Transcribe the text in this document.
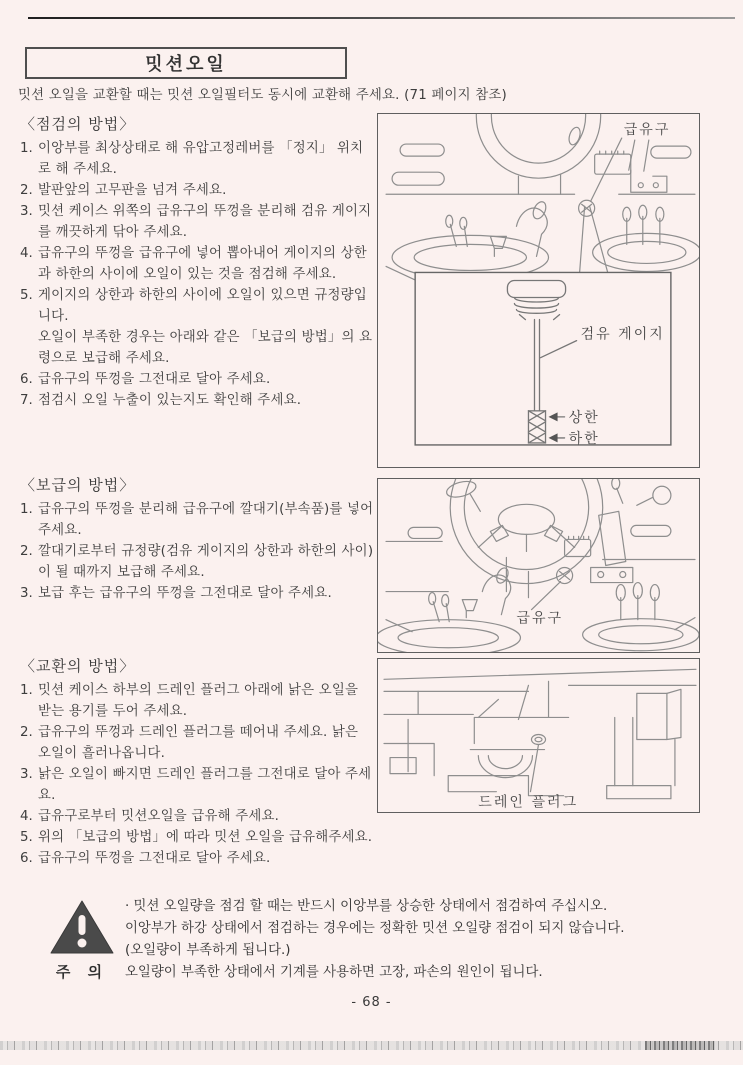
밋션오일
밋션 오일을 교환할 때는 밋션 오일필터도 동시에 교환해 주세요. (71 페이지 참조)
〈점검의 방법〉
1. 이앙부를 최상상태로 해 유압고정레버를 「정지」 위치로 해 주세요.
2. 발판앞의 고무판을 넘겨 주세요.
3. 밋션 케이스 위쪽의 급유구의 뚜껑을 분리해 검유 게이지를 깨끗하게 닦아 주세요.
4. 급유구의 뚜껑을 급유구에 넣어 뽑아내어 게이지의 상한과 하한의 사이에 오일이 있는 것을 점검해 주세요.
5. 게이지의 상한과 하한의 사이에 오일이 있으면 규정량입니다.
오일이 부족한 경우는 아래와 같은 「보급의 방법」의 요령으로 보급해 주세요.
6. 급유구의 뚜껑을 그전대로 달아 주세요.
7. 점검시 오일 누출이 있는지도 확인해 주세요.
〈보급의 방법〉
1. 급유구의 뚜껑을 분리해 급유구에 깔대기(부속품)를 넣어 주세요.
2. 깔대기로부터 규정량(검유 게이지의 상한과 하한의 사이)이 될 때까지 보급해 주세요.
3. 보급 후는 급유구의 뚜껑을 그전대로 달아 주세요.
〈교환의 방법〉
1. 밋션 케이스 하부의 드레인 플러그 아래에 낡은 오일을 받는 용기를 두어 주세요.
2. 급유구의 뚜껑과 드레인 플러그를 떼어내 주세요. 낡은 오일이 흘러나옵니다.
3. 낡은 오일이 빠지면 드레인 플러그를 그전대로 달아 주세요.
4. 급유구로부터 밋션오일을 급유해 주세요.
5. 위의 「보급의 방법」에 따라 밋션 오일을 급유해주세요.
6. 급유구의 뚜껑을 그전대로 달아 주세요.
급유구
검유 게이지
상한
하한
급유구
드레인 플러그
주 의
· 밋션 오일량을 점검 할 때는 반드시 이앙부를 상승한 상태에서 점검하여 주십시오.
이앙부가 하강 상태에서 점검하는 경우에는 정확한 밋션 오일량 점검이 되지 않습니다.
(오일량이 부족하게 됩니다.)
오일량이 부족한 상태에서 기계를 사용하면 고장, 파손의 원인이 됩니다.
- 68 -
